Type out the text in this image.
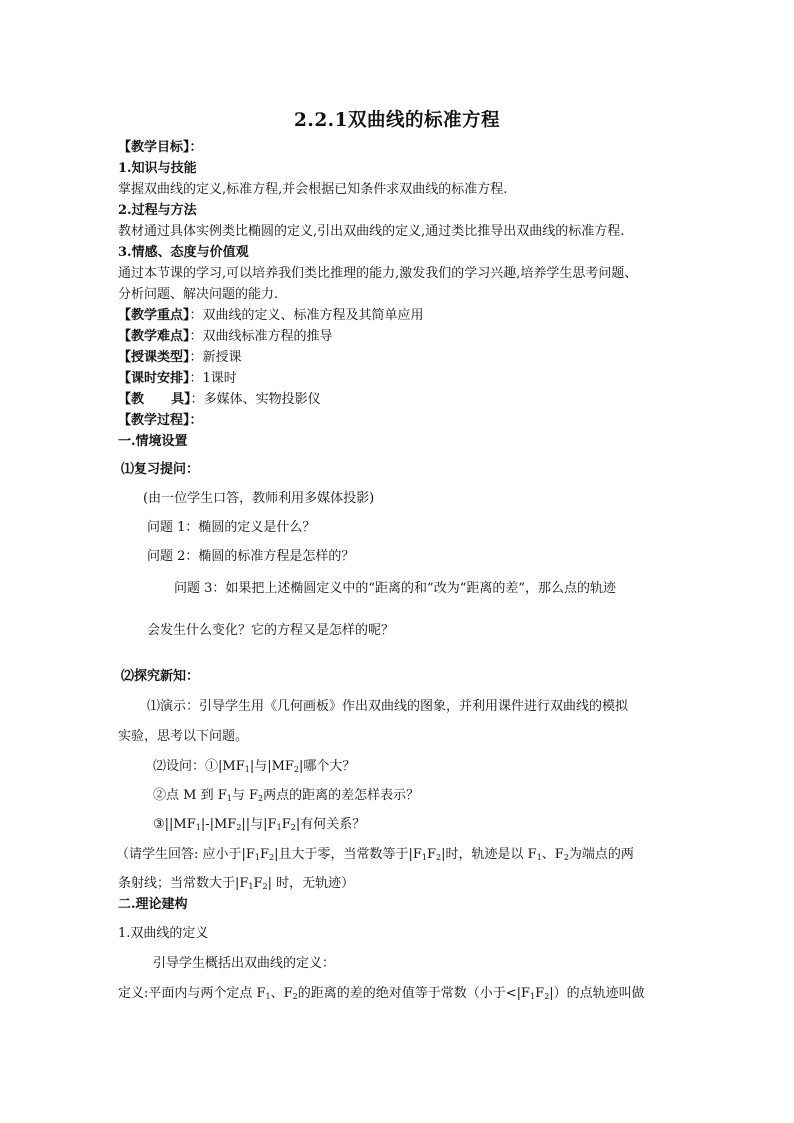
2.2.1双曲线的标准方程
【教学目标】：
1.知识与技能
掌握双曲线的定义,标准方程,并会根据已知条件求双曲线的标准方程.
2.过程与方法
教材通过具体实例类比椭圆的定义,引出双曲线的定义,通过类比推导出双曲线的标准方程.
3.情感、态度与价值观
通过本节课的学习,可以培养我们类比推理的能力,激发我们的学习兴趣,培养学生思考问题、
分析问题、解决问题的能力.
【教学重点】：双曲线的定义、标准方程及其简单应用
【教学难点】：双曲线标准方程的推导
【授课类型】：新授课
【课时安排】：1课时
【教      具】：多媒体、实物投影仪
【教学过程】：
一.情境设置
⑴复习提问：
(由一位学生口答，教师利用多媒体投影)
问题 1：椭圆的定义是什么？
问题 2：椭圆的标准方程是怎样的？
问题 3：如果把上述椭圆定义中的“距离的和”改为“距离的差”，那么点的轨迹
会发生什么变化？它的方程又是怎样的呢？
⑵探究新知：
⑴演示：引导学生用《几何画板》作出双曲线的图象，并利用课件进行双曲线的模拟
实验，思考以下问题。
⑵设问：$①|MF_1|$与$|MF_2|$哪个大？
②点 M 到 $F_1$与 $F_2$两点的距离的差怎样表示？
$③||MF_1|-|MF_2||$与$|F_1F_2|$有何关系？
（请学生回答: 应小于$|F_1F_2|$且大于零，当常数等于$|F_1F_2|$时，轨迹是以 $F_1$、$F_2$为端点的两
条射线；当常数大于$|F_1F_2|$ 时，无轨迹）
二.理论建构
1.双曲线的定义
引导学生概括出双曲线的定义：
定义:平面内与两个定点 $F_1$、$F_2$的距离的差的绝对值等于常数（小于$<|F_1F_2|$）的点轨迹叫做
